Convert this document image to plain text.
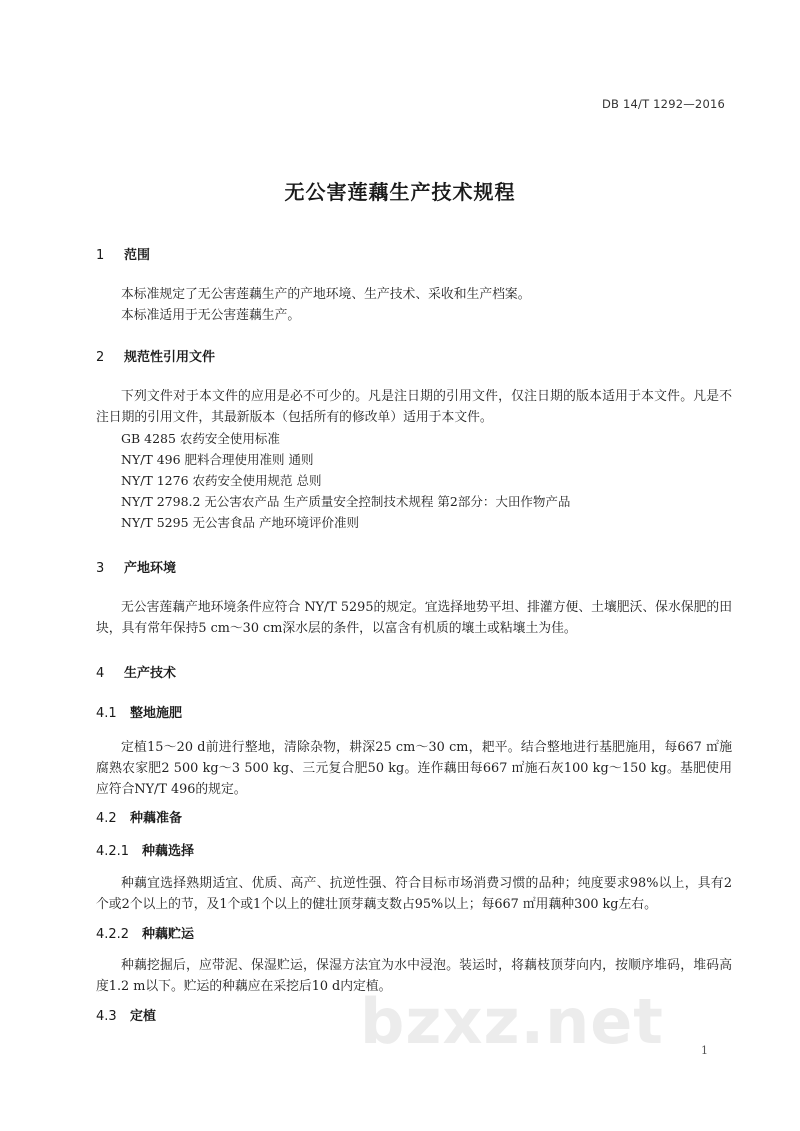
DB 14/T 1292—2016
无公害莲藕生产技术规程
1 范围
本标准规定了无公害莲藕生产的产地环境、生产技术、采收和生产档案。
本标准适用于无公害莲藕生产。
2 规范性引用文件
下列文件对于本文件的应用是必不可少的。凡是注日期的引用文件，仅注日期的版本适用于本文件。凡是不注日期的引用文件，其最新版本（包括所有的修改单）适用于本文件。
GB 4285 农药安全使用标准
NY/T 496 肥料合理使用准则 通则
NY/T 1276 农药安全使用规范 总则
NY/T 2798.2 无公害农产品 生产质量安全控制技术规程 第2部分：大田作物产品
NY/T 5295 无公害食品 产地环境评价准则
3 产地环境
无公害莲藕产地环境条件应符合 NY/T 5295的规定。宜选择地势平坦、排灌方便、土壤肥沃、保水保肥的田块，具有常年保持5 cm～30 cm深水层的条件，以富含有机质的壤土或粘壤土为佳。
4 生产技术
4.1 整地施肥
定植15～20 d前进行整地，清除杂物，耕深25 cm～30 cm，耙平。结合整地进行基肥施用，每667 ㎡施腐熟农家肥2 500 kg～3 500 kg、三元复合肥50 kg。连作藕田每667 ㎡施石灰100 kg～150 kg。基肥使用应符合NY/T 496的规定。
4.2 种藕准备
4.2.1 种藕选择
种藕宜选择熟期适宜、优质、高产、抗逆性强、符合目标市场消费习惯的品种；纯度要求98%以上，具有2个或2个以上的节，及1个或1个以上的健壮顶芽藕支数占95%以上；每667 ㎡用藕种300 kg左右。
4.2.2 种藕贮运
种藕挖掘后，应带泥、保湿贮运，保湿方法宜为水中浸泡。装运时，将藕枝顶芽向内，按顺序堆码，堆码高度1.2 m以下。贮运的种藕应在采挖后10 d内定植。
4.3 定植	bzxz.net	1
